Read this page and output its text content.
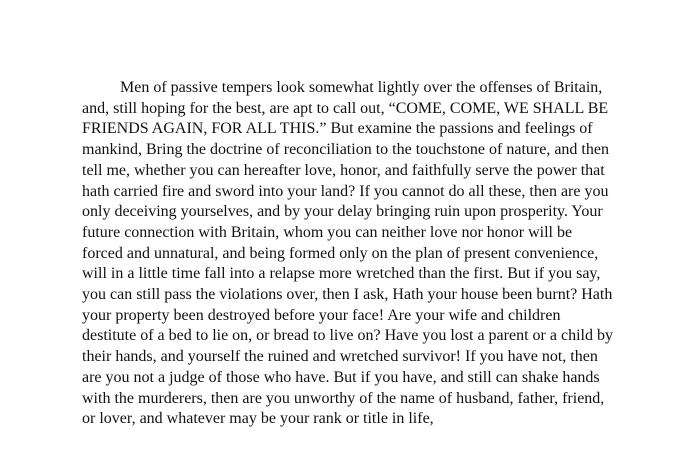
Men of passive tempers look somewhat lightly over the offenses of Britain,
and, still hoping for the best, are apt to call out, “COME, COME, WE SHALL BE
FRIENDS AGAIN, FOR ALL THIS.” But examine the passions and feelings of
mankind, Bring the doctrine of reconciliation to the touchstone of nature, and then
tell me, whether you can hereafter love, honor, and faithfully serve the power that
hath carried fire and sword into your land? If you cannot do all these, then are you
only deceiving yourselves, and by your delay bringing ruin upon prosperity. Your
future connection with Britain, whom you can neither love nor honor will be
forced and unnatural, and being formed only on the plan of present convenience,
will in a little time fall into a relapse more wretched than the first. But if you say,
you can still pass the violations over, then I ask, Hath your house been burnt? Hath
your property been destroyed before your face! Are your wife and children
destitute of a bed to lie on, or bread to live on? Have you lost a parent or a child by
their hands, and yourself the ruined and wretched survivor! If you have not, then
are you not a judge of those who have. But if you have, and still can shake hands
with the murderers, then are you unworthy of the name of husband, father, friend,
or lover, and whatever may be your rank or title in life,
